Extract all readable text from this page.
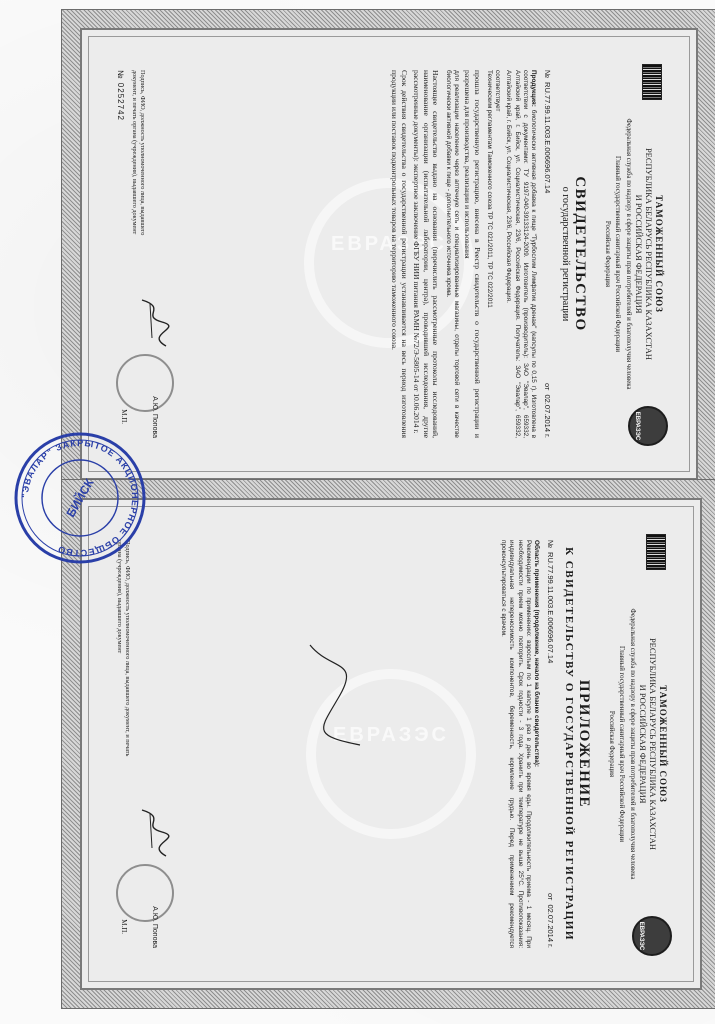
ЕВРАЗЭС
ЕВРАЗЭС
ТАМОЖЕННЫЙ СОЮЗ
РЕСПУБЛИКА БЕЛАРУСЬ РЕСПУБЛИКА КАЗАХСТАН
И РОССИЙСКАЯ ФЕДЕРАЦИЯ
Федеральная служба по надзору в сфере защиты прав потребителей и благополучия человека
Главный государственный санитарный врач Российской Федерации
Российская Федерация
СВИДЕТЕЛЬСТВО
о государственной регистрации
№RU.77.99.11.003.E.006696.07.14
от02.07.2014 г.

Продукция: биологически активная добавка к пище "Турбослим Лимфатик дренаж" (капсулы по 0,15 г). Изготовлена в соответствии с документами: ТУ 9197-040-39133124-2009. Изготовитель (производитель): ЗАО "Эвалар", 659332, Алтайский край, г. Бийск, ул. Социалистическая, 23/6, Российская Федерация. Получатель: ЗАО "Эвалар", 659332, Алтайский край, г. Бийск, ул. Социалистическая, 23/6, Российская Федерация.

соответствует
Техническим регламентам Таможенного союза ТР ТС 021/2011, ТР ТС 022/2011

прошла государственную регистрацию, внесена в Реестр свидетельств о государственной регистрации и разрешена для производства, реализации и использования

для реализации населению через аптечную сеть и специализированные магазины, отделы торговой сети в качестве биологически активной добавки к пище - дополнительного источника хрома.

Настоящее свидетельство выдано на основании (перечислить рассмотренные протоколы исследований, наименование организации (испытательной лаборатории, центра), проводившей исследования, другие рассмотренные документы): экспертное заключение ФГБУ НИИ питания РАМН №72/Э-5805-14 от 10.06.2014 г.

Срок действия свидетельства о государственной регистрации устанавливается на весь период изготовления продукции или поставок подконтрольных товаров на территорию таможенного союза.

Подпись, ФИО, должность уполномоченного лица, выдавшего документ, и печать органа (учреждения), выдавшего документ
№ 0252742
А.Ю. Попова
М.П.
ЕВРАЗЭС
ЕВРАЗЭС
ТАМОЖЕННЫЙ СОЮЗ
РЕСПУБЛИКА БЕЛАРУСЬ РЕСПУБЛИКА КАЗАХСТАН
И РОССИЙСКАЯ ФЕДЕРАЦИЯ
Федеральная служба по надзору в сфере защиты прав потребителей и благополучия человека
Главный государственный санитарный врач Российской Федерации
Российская Федерация
ПРИЛОЖЕНИЕ
К СВИДЕТЕЛЬСТВУ О ГОСУДАРСТВЕННОЙ РЕГИСТРАЦИИ
№RU.77.99.11.003.E.006696.07.14
от02.07.2014 г.

Область применения (продолжение, начало на бланке свидетельства):
Рекомендации по применению: взрослым по 1 капсуле 1 раз в день во время еды. Продолжительность приема - 1 месяц. При необходимости прием можно повторить. Срок годности - 3 года. Хранить при температуре не выше 25°С. Противопоказания: индивидуальная непереносимость компонентов, беременность, кормление грудью. Перед применением рекомендуется проконсультироваться с врачом.

Подпись, ФИО, должность уполномоченного лица, выдавшего документ, и печать органа (учреждения), выдавшего документ
А.Ю. Попова
М.П.
"ЭВАЛАР" ЗАКРЫТОЕ АКЦИОНЕРНОЕ ОБЩЕСТВО
БИЙСК
